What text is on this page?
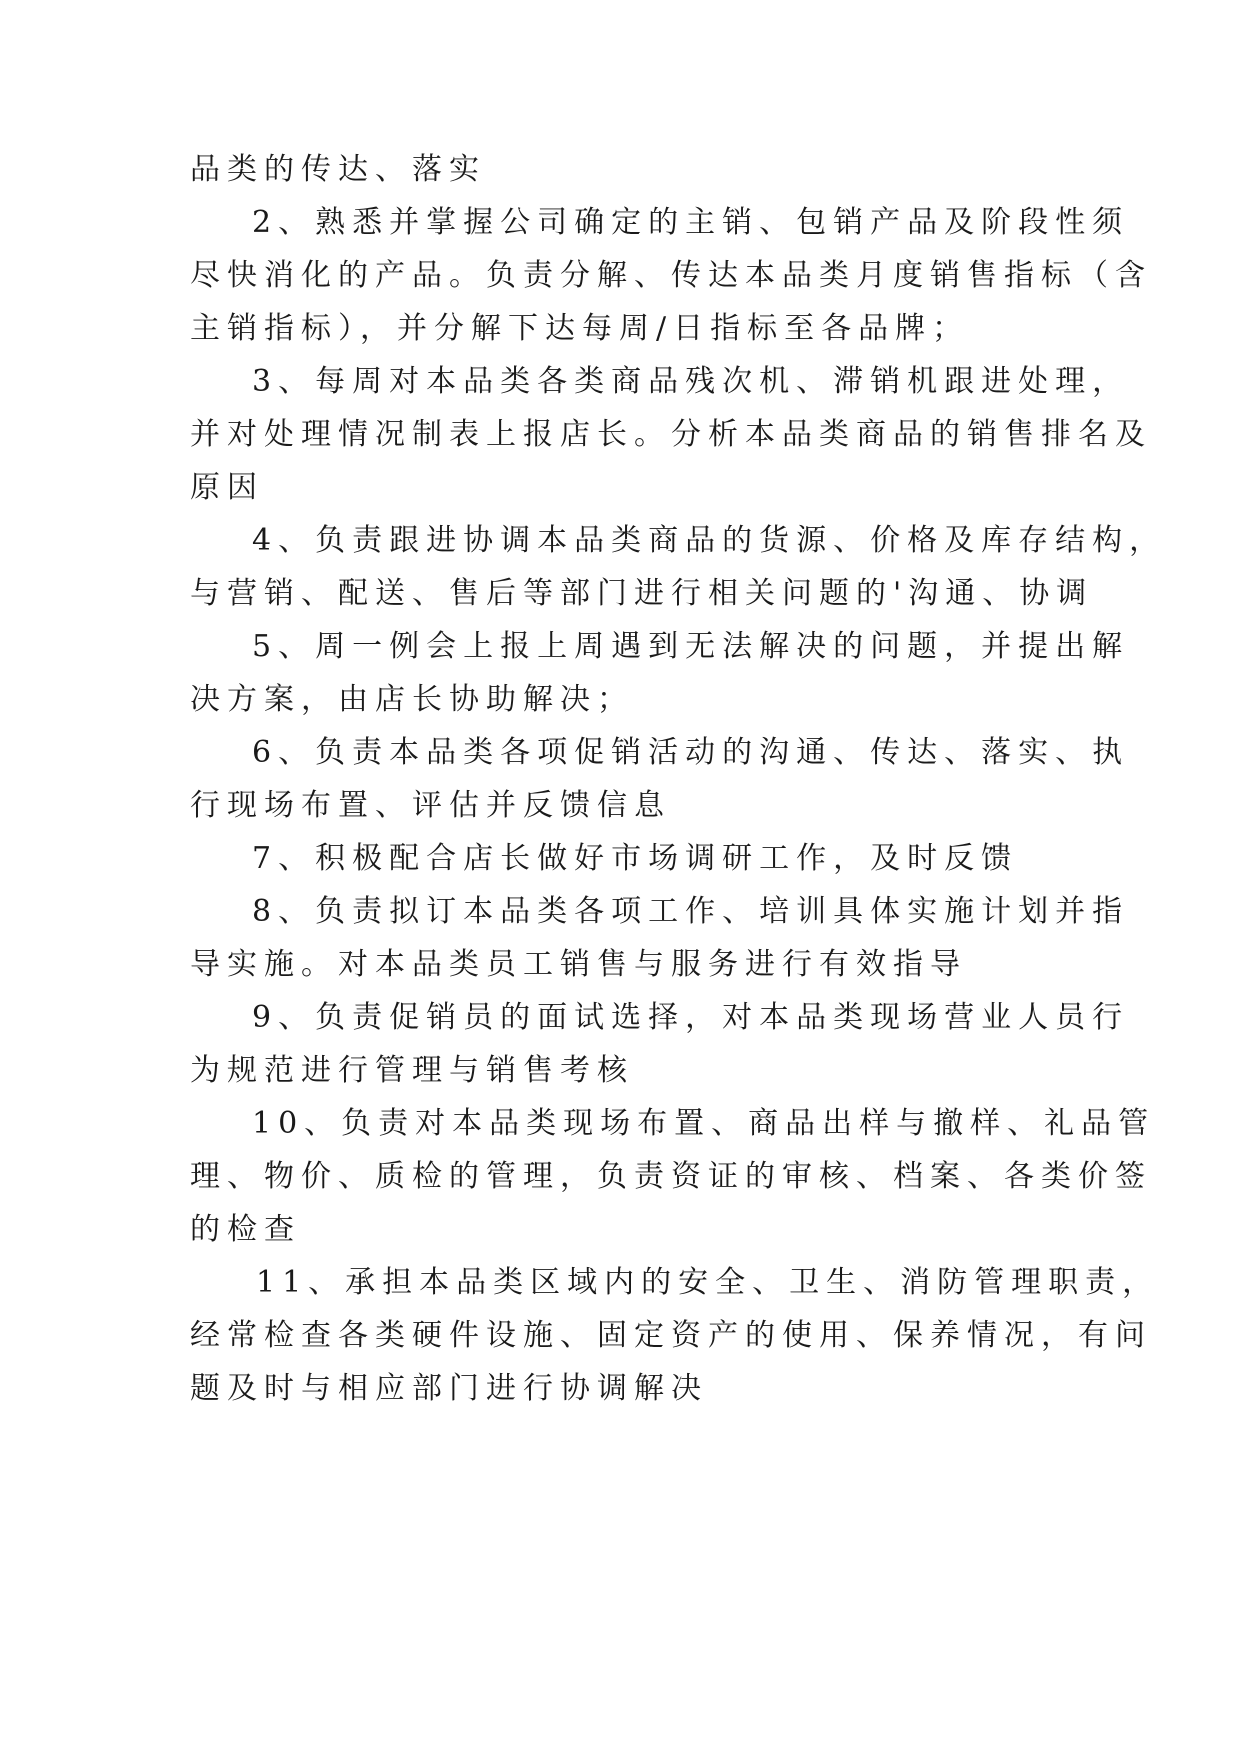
品类的传达、落实
2、熟悉并掌握公司确定的主销、包销产品及阶段性须
尽快消化的产品。负责分解、传达本品类月度销售指标（含
主销指标），并分解下达每周/日指标至各品牌；
3、每周对本品类各类商品残次机、滞销机跟进处理，
并对处理情况制表上报店长。分析本品类商品的销售排名及
原因
4、负责跟进协调本品类商品的货源、价格及库存结构，
与营销、配送、售后等部门进行相关问题的'沟通、协调
5、周一例会上报上周遇到无法解决的问题，并提出解
决方案，由店长协助解决；
6、负责本品类各项促销活动的沟通、传达、落实、执
行现场布置、评估并反馈信息
7、积极配合店长做好市场调研工作，及时反馈
8、负责拟订本品类各项工作、培训具体实施计划并指
导实施。对本品类员工销售与服务进行有效指导
9、负责促销员的面试选择，对本品类现场营业人员行
为规范进行管理与销售考核
10、负责对本品类现场布置、商品出样与撤样、礼品管
理、物价、质检的管理，负责资证的审核、档案、各类价签
的检查
11、承担本品类区域内的安全、卫生、消防管理职责，
经常检查各类硬件设施、固定资产的使用、保养情况，有问
题及时与相应部门进行协调解决
